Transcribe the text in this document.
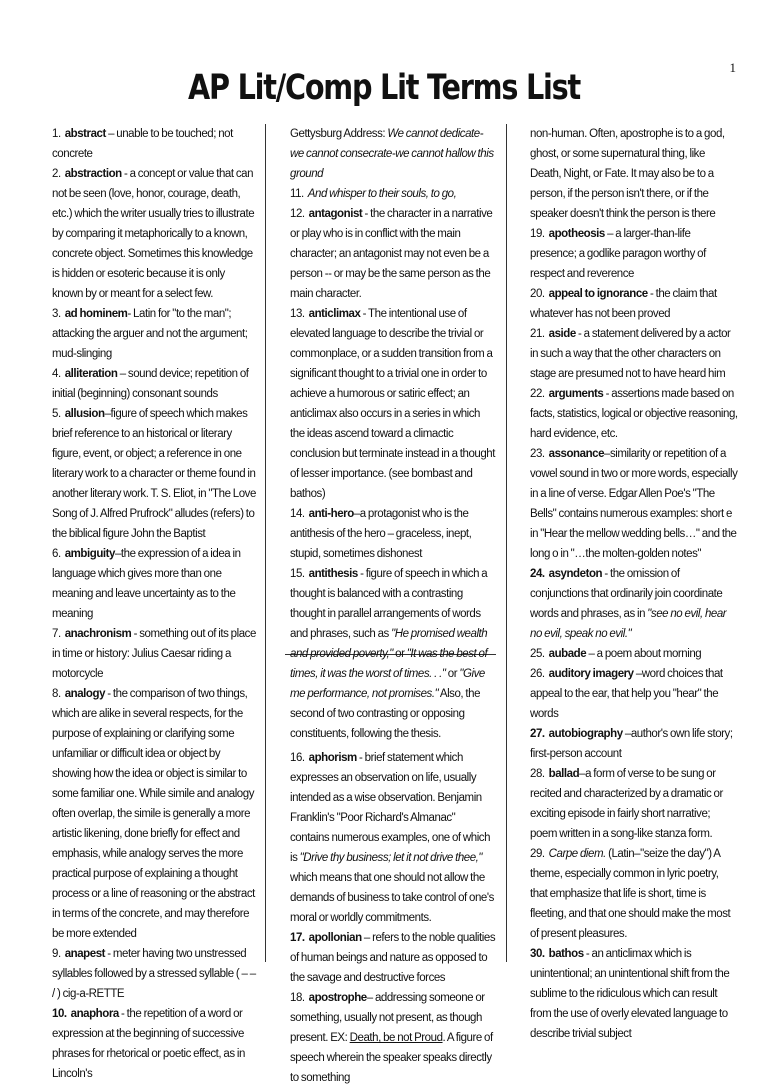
1
AP Lit/Comp Lit Terms List

1. abstract – unable to be touched; not concrete

2. abstraction - a concept or value that can not be seen (love, honor, courage, death, etc.) which the writer usually tries to illustrate by comparing it metaphorically to a known, concrete object. Sometimes this knowledge is hidden or esoteric because it is only known by or meant for a select few.

3. ad hominem- Latin for "to the man"; attacking the arguer and not the argument; mud-slinging

4. alliteration – sound device; repetition of initial (beginning) consonant sounds

5. allusion–figure of speech which makes brief reference to an historical or literary figure, event, or object; a reference in one literary work to a character or theme found in another literary work. T. S. Eliot, in "The Love Song of J. Alfred Prufrock" alludes (refers) to the biblical figure John the Baptist

6. ambiguity–the expression of a idea in language which gives more than one meaning and leave uncertainty as to the meaning

7. anachronism - something out of its place in time or history: Julius Caesar riding a motorcycle

8. analogy - the comparison of two things, which are alike in several respects, for the purpose of explaining or clarifying some unfamiliar or difficult idea or object by showing how the idea or object is similar to some familiar one. While simile and analogy often overlap, the simile is generally a more artistic likening, done briefly for effect and emphasis, while analogy serves the more practical purpose of explaining a thought process or a line of reasoning or the abstract in terms of the concrete, and may therefore be more extended

9. anapest - meter having two unstressed syllables followed by a stressed syllable ( – – / ) cig-a-RETTE

10. anaphora - the repetition of a word or expression at the beginning of successive phrases for rhetorical or poetic effect, as in Lincoln's

Gettysburg Address: We cannot dedicate-we cannot consecrate-we cannot hallow this ground

11. And whisper to their souls, to go,

12. antagonist - the character in a narrative or play who is in conflict with the main character; an antagonist may not even be a person -- or may be the same person as the main character.

13. anticlimax - The intentional use of elevated language to describe the trivial or commonplace, or a sudden transition from a significant thought to a trivial one in order to achieve a humorous or satiric effect; an anticlimax also occurs in a series in which the ideas ascend toward a climactic conclusion but terminate instead in a thought of lesser importance. (see bombast and bathos)

14. anti-hero–a protagonist who is the antithesis of the hero – graceless, inept, stupid, sometimes dishonest

15. antithesis - figure of speech in which a thought is balanced with a contrasting thought in parallel arrangements of words and phrases, such as "He promised wealth and provided poverty," or "It was the best of times, it was the worst of times. . ." or "Give me performance, not promises." Also, the second of two contrasting or opposing constituents, following the thesis.

16. aphorism - brief statement which expresses an observation on life, usually intended as a wise observation. Benjamin Franklin's "Poor Richard's Almanac" contains numerous examples, one of which is "Drive thy business; let it not drive thee," which means that one should not allow the demands of business to take control of one's moral or worldly commitments.

17. apollonian – refers to the noble qualities of human beings and nature as opposed to the savage and destructive forces

18. apostrophe– addressing someone or something, usually not present, as though present. EX: Death, be not Proud. A figure of speech wherein the speaker speaks directly to something

non-human. Often, apostrophe is to a god, ghost, or some supernatural thing, like Death, Night, or Fate. It may also be to a person, if the person isn't there, or if the speaker doesn't think the person is there

19. apotheosis – a larger-than-life presence; a godlike paragon worthy of respect and reverence

20. appeal to ignorance - the claim that whatever has not been proved

21. aside - a statement delivered by a actor in such a way that the other characters on stage are presumed not to have heard him

22. arguments - assertions made based on facts, statistics, logical or objective reasoning, hard evidence, etc.

23. assonance–similarity or repetition of a vowel sound in two or more words, especially in a line of verse. Edgar Allen Poe's "The Bells" contains numerous examples: short e in "Hear the mellow wedding bells…" and the long o in "…the molten-golden notes"

24. asyndeton - the omission of conjunctions that ordinarily join coordinate words and phrases, as in "see no evil, hear no evil, speak no evil."

25. aubade – a poem about morning

26. auditory imagery –word choices that appeal to the ear, that help you "hear" the words

27. autobiography –author's own life story; first-person account

28. ballad–a form of verse to be sung or recited and characterized by a dramatic or exciting episode in fairly short narrative; poem written in a song-like stanza form.

29. Carpe diem. (Latin–"seize the day") A theme, especially common in lyric poetry, that emphasize that life is short, time is fleeting, and that one should make the most of present pleasures.

30. bathos - an anticlimax which is unintentional; an unintentional shift from the sublime to the ridiculous which can result from the use of overly elevated language to describe trivial subject
